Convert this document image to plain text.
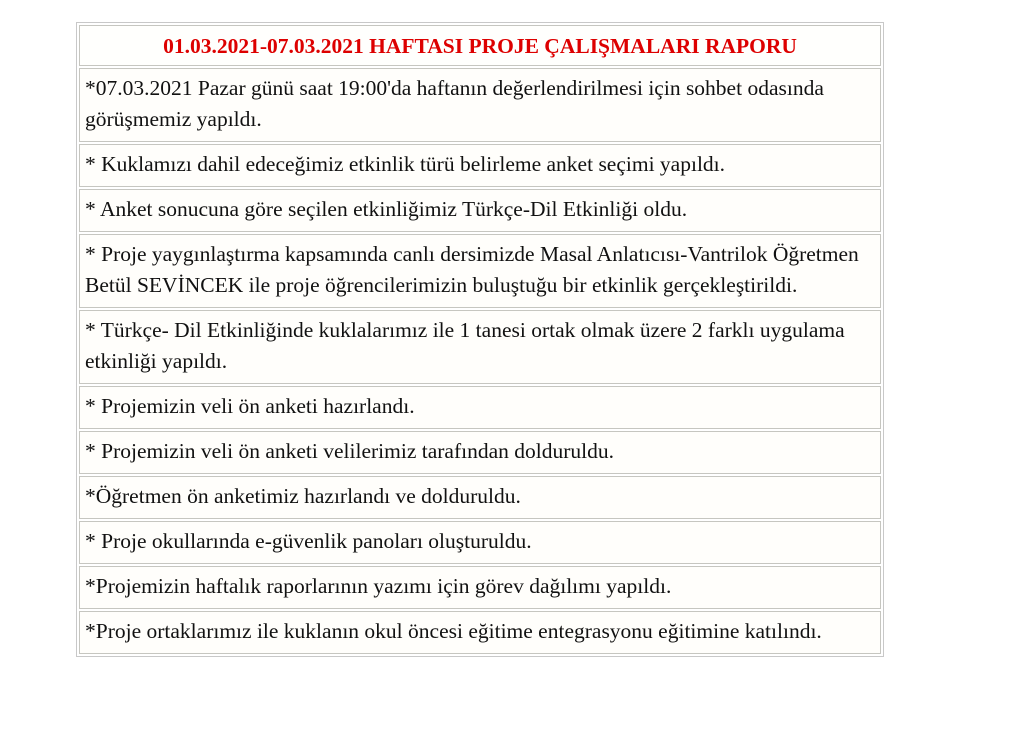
01.03.2021-07.03.2021 HAFTASI PROJE ÇALIŞMALARI RAPORU
*07.03.2021 Pazar günü saat 19:00'da haftanın değerlendirilmesi için sohbet odasında görüşmemiz yapıldı.
* Kuklamızı dahil edeceğimiz etkinlik türü belirleme anket seçimi yapıldı.
* Anket sonucuna göre seçilen etkinliğimiz Türkçe-Dil Etkinliği oldu.
* Proje yaygınlaştırma kapsamında canlı dersimizde Masal Anlatıcısı-Vantrilok Öğretmen Betül SEVİNCEK ile proje öğrencilerimizin buluştuğu bir etkinlik gerçekleştirildi.
* Türkçe- Dil Etkinliğinde kuklalarımız ile 1 tanesi ortak olmak üzere 2 farklı uygulama etkinliği yapıldı.
* Projemizin veli ön anketi hazırlandı.
* Projemizin veli ön anketi velilerimiz tarafından dolduruldu.
*Öğretmen ön anketimiz hazırlandı ve dolduruldu.
* Proje okullarında e-güvenlik panoları oluşturuldu.
*Projemizin haftalık raporlarının yazımı için görev dağılımı yapıldı.
*Proje ortaklarımız ile kuklanın okul öncesi eğitime entegrasyonu eğitimine katılındı.
